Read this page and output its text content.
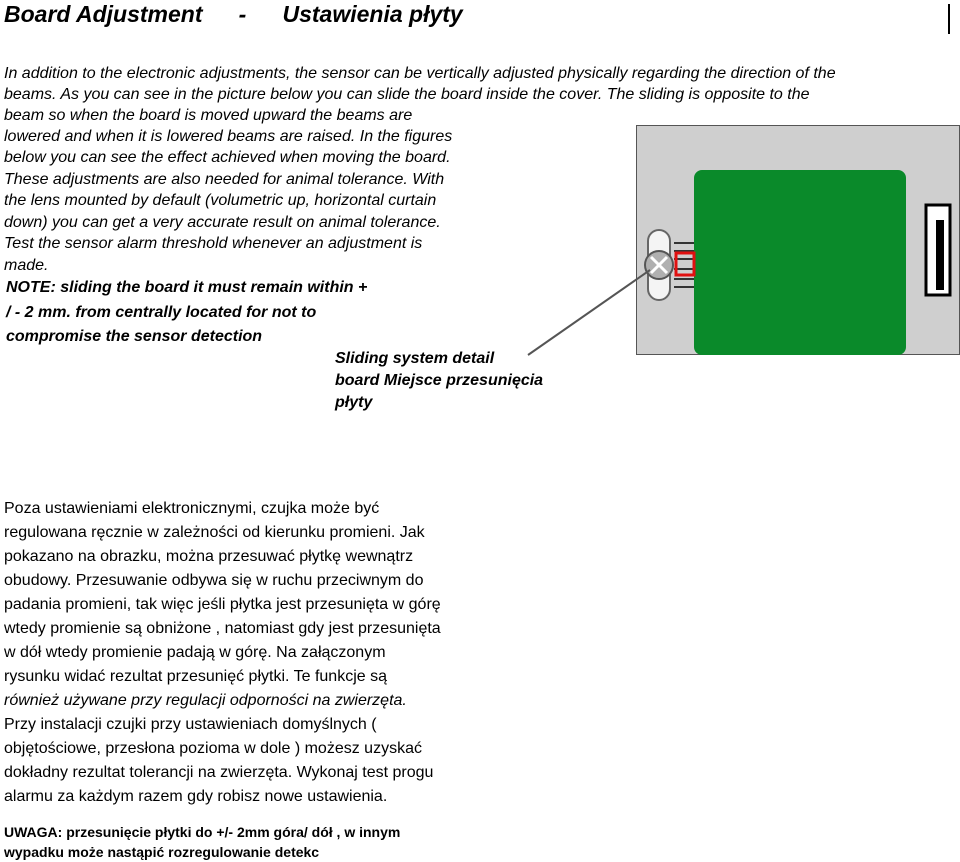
Board Adjustment - Ustawienia płyty
In addition to the electronic adjustments, the sensor can be vertically adjusted physically regarding the direction of the
beams. As you can see in the picture below you can slide the board inside the cover. The sliding is opposite to the
beam so when the board is moved upward the beams are
lowered and when it is lowered beams are raised. In the figures
below you can see the effect achieved when moving the board.
These adjustments are also needed for animal tolerance. With
the lens mounted by default (volumetric up, horizontal curtain
down) you can get a very accurate result on animal tolerance.
Test the sensor alarm threshold whenever an adjustment is
made.
NOTE: sliding the board it must remain within +
/ - 2 mm. from centrally located for not to
compromise the sensor detection
Sliding system detail
board Miejsce przesunięcia
płyty
Poza ustawieniami elektronicznymi, czujka może być
regulowana ręcznie w zależności od kierunku promieni. Jak
pokazano na obrazku, można przesuwać płytkę wewnątrz
obudowy. Przesuwanie odbywa się w ruchu przeciwnym do
padania promieni, tak więc jeśli płytka jest przesunięta w górę
wtedy promienie są obniżone , natomiast gdy jest przesunięta
w dół wtedy promienie padają w górę. Na załączonym
rysunku widać rezultat przesunięć płytki. Te funkcje są
również używane przy regulacji odporności na zwierzęta.
Przy instalacji czujki przy ustawieniach domyślnych (
objętościowe, przesłona pozioma w dole ) możesz uzyskać
dokładny rezultat tolerancji na zwierzęta. Wykonaj test progu
alarmu za każdym razem gdy robisz nowe ustawienia.
UWAGA: przesunięcie płytki do +/- 2mm góra/ dół , w innym
wypadku może nastąpić rozregulowanie detekc
